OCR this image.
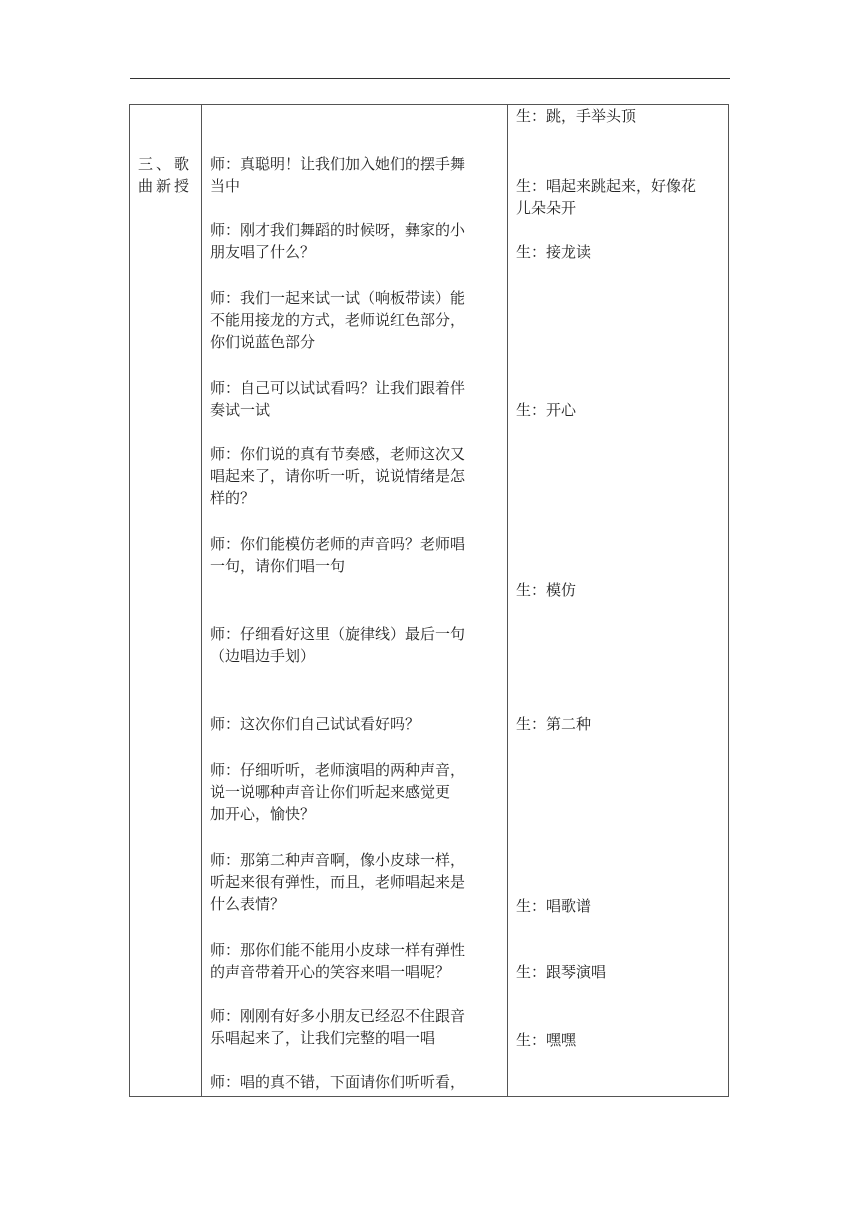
三、歌
曲新授
师：真聪明！让我们加入她们的摆手舞
当中
师：刚才我们舞蹈的时候呀，彝家的小
朋友唱了什么？
师：我们一起来试一试（响板带读）能
不能用接龙的方式，老师说红色部分，
你们说蓝色部分
师：自己可以试试看吗？让我们跟着伴
奏试一试
师：你们说的真有节奏感，老师这次又
唱起来了，请你听一听，说说情绪是怎
样的？
师：你们能模仿老师的声音吗？老师唱
一句，请你们唱一句
师：仔细看好这里（旋律线）最后一句
（边唱边手划）
师：这次你们自己试试看好吗？
师：仔细听听，老师演唱的两种声音，
说一说哪种声音让你们听起来感觉更
加开心，愉快？
师：那第二种声音啊，像小皮球一样，
听起来很有弹性，而且，老师唱起来是
什么表情？
师：那你们能不能用小皮球一样有弹性
的声音带着开心的笑容来唱一唱呢？
师：刚刚有好多小朋友已经忍不住跟音
乐唱起来了，让我们完整的唱一唱
师：唱的真不错，下面请你们听听看，
生：跳，手举头顶
生：唱起来跳起来，好像花
儿朵朵开
生：接龙读
生：开心
生：模仿
生：第二种
生：唱歌谱
生：跟琴演唱
生：嘿嘿
